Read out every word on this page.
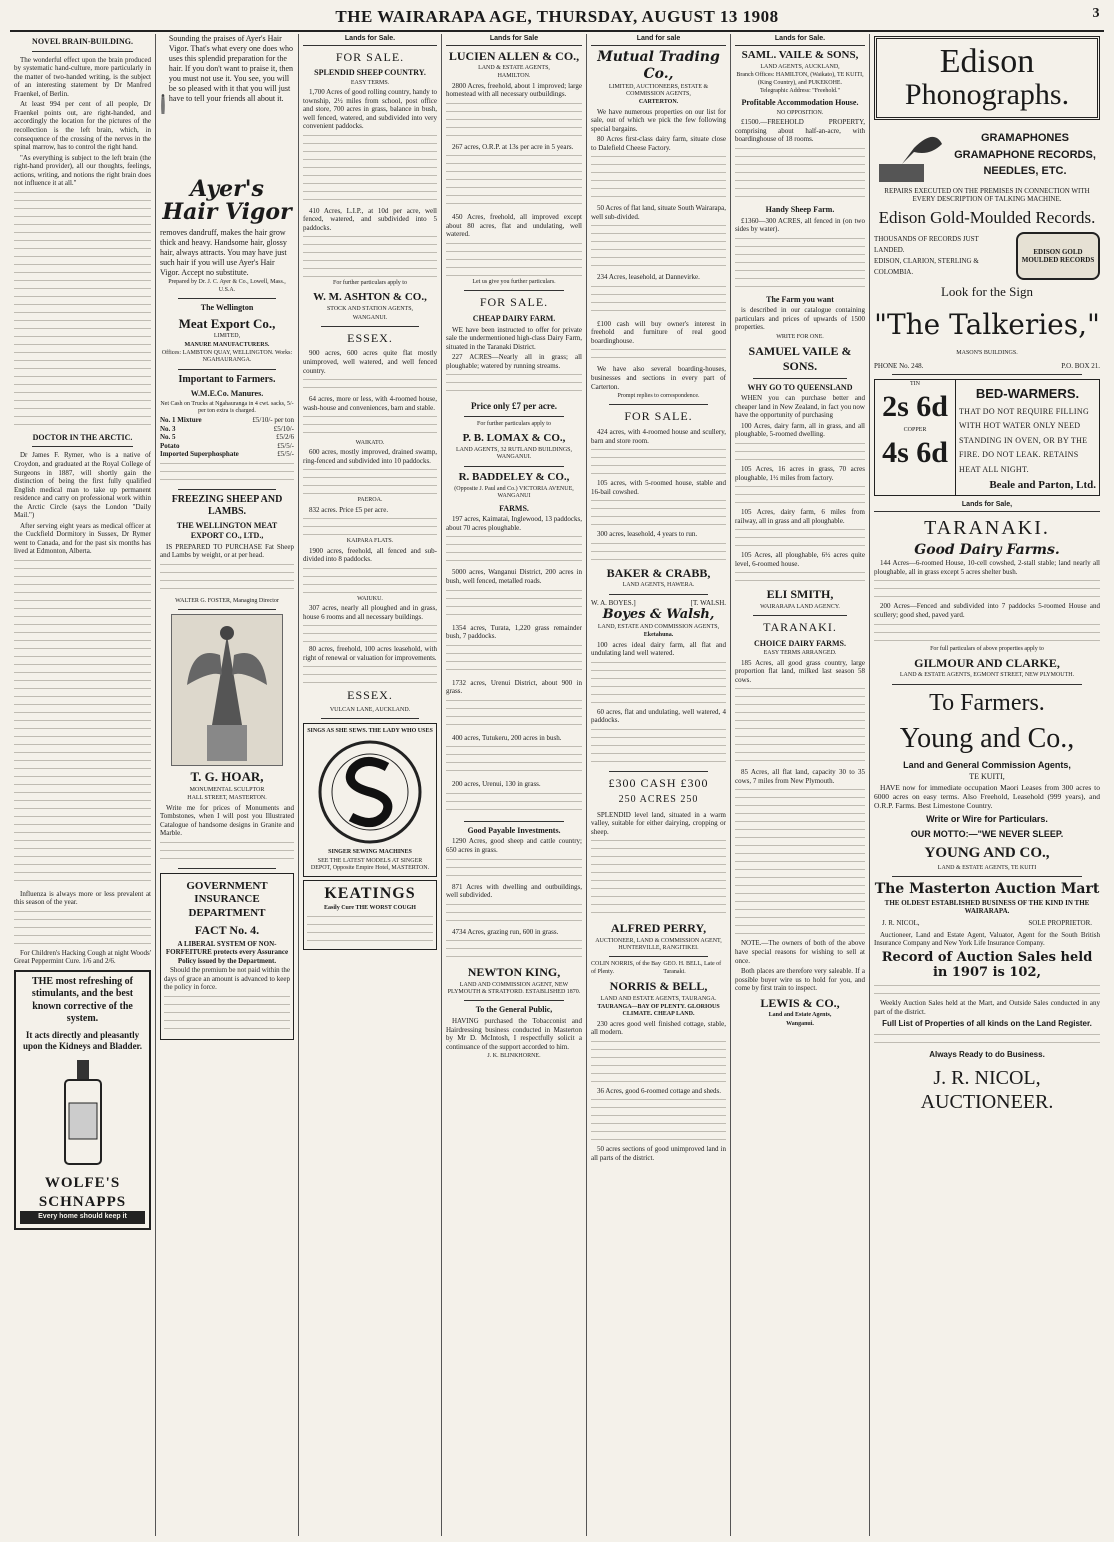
THE WAIRARAPA AGE, THURSDAY, AUGUST 13 1908	3
NOVEL BRAIN-BUILDING.

The wonderful effect upon the brain produced by systematic hand-culture, more particularly in the matter of two-handed writing, is the subject of an interesting statement by Dr Manfred Fraenkel, of Berlin.

At least 994 per cent of all people, Dr Fraenkel points out, are right-handed, and accordingly the location for the pictures of the recollection is the left brain, which, in consequence of the crossing of the nerves in the spinal marrow, has to control the right hand.

"As everything is subject to the left brain (the right-hand provider), all our thoughts, feelings, actions, writing, and notions the right brain does not influence it at all."

DOCTOR IN THE ARCTIC.

Dr James F. Rymer, who is a native of Croydon, and graduated at the Royal College of Surgeons in 1887, will shortly gain the distinction of being the first fully qualified English medical man to take up permanent residence and carry on professional work within the Arctic Circle (says the London "Daily Mail.")

After serving eight years as medical officer at the Cuckfield Dormitory in Sussex, Dr Rymer went to Canada, and for the past six months has lived at Edmonton, Alberta.

Influenza is always more or less prevalent at this season of the year.

For Children's Hacking Cough at night Woods' Great Peppermint Cure. 1/6 and 2/6.

THE most refreshing of stimulants, and the best known corrective of the system.
It acts directly and pleasantly upon the Kidneys and Bladder.
WOLFE'S SCHNAPPS
Every home should keep it
Sounding the praises of Ayer's Hair Vigor. That's what every one does who uses this splendid preparation for the hair. If you don't want to praise it, then you must not use it. You see, you will be so pleased with it that you will just have to tell your friends all about it.
Ayer's Hair Vigor
removes dandruff, makes the hair grow thick and heavy. Handsome hair, glossy hair, always attracts. You may have just such hair if you will use Ayer's Hair Vigor. Accept no substitute.
Prepared by Dr. J. C. Ayer & Co., Lowell, Mass., U.S.A.
The Wellington
Meat Export Co.,
LIMITED,
MANURE MANUFACTURERS.
Offices: LAMBTON QUAY, WELLINGTON. Works: NGAHAURANGA.
Important to Farmers.
W.M.E.Co. Manures.
Net Cash on Trucks at Ngahauranga in 4 cwt. sacks, 5/- per ton extra is charged.
No. 1 Mixture	£5/10/- per ton
No. 3	£5/10/-
No. 5	£5/2/6
Potato	£5/5/-
Imported Superphosphate	£5/5/-
FREEZING SHEEP AND LAMBS.
THE WELLINGTON MEAT EXPORT CO., LTD.,

IS PREPARED TO PURCHASE Fat Sheep and Lambs by weight, or at per head.

WALTER G. FOSTER, Managing Director
T. G. HOAR,
MONUMENTAL SCULPTOR
HALL STREET, MASTERTON.

Write me for prices of Monuments and Tombstones, when I will post you Illustrated Catalogue of handsome designs in Granite and Marble.

GOVERNMENT INSURANCE DEPARTMENT
FACT No. 4.
A LIBERAL SYSTEM OF NON-FORFEITURE protects every Assurance Policy issued by the Department.

Should the premium be not paid within the days of grace an amount is advanced to keep the policy in force.

Lands for Sale.
FOR SALE.
SPLENDID SHEEP COUNTRY.
EASY TERMS.

1,700 Acres of good rolling country, handy to township, 2½ miles from school, post office and store, 700 acres in grass, balance in bush, well fenced, watered, and subdivided into very convenient paddocks.

410 Acres, L.I.P., at 10d per acre, well fenced, watered, and subdivided into 5 paddocks.

For further particulars apply to
W. M. ASHTON & CO.,
STOCK AND STATION AGENTS,
WANGANUI.
ESSEX.

900 acres, 600 acres quite flat mostly unimproved, well watered, and well fenced country.

64 acres, more or less, with 4-roomed house, wash-house and conveniences, barn and stable.

WAIKATO.

600 acres, mostly improved, drained swamp, ring-fenced and subdivided into 10 paddocks.

PAEROA.

832 acres. Price £5 per acre.

KAIPARA FLATS.

1900 acres, freehold, all fenced and sub-divided into 8 paddocks.

WAIUKU.

307 acres, nearly all ploughed and in grass, house 6 rooms and all necessary buildings.

80 acres, freehold, 100 acres leasehold, with right of renewal or valuation for improvements.

ESSEX.
VULCAN LANE, AUCKLAND.
SINGS AS SHE SEWS. THE LADY WHO USES
SINGER SEWING MACHINES
SEE THE LATEST MODELS AT SINGER DEPOT, Opposite Empire Hotel, MASTERTON.
KEATINGS
Easily Cure THE WORST COUGH
Lands for Sale
LUCIEN ALLEN & CO.,
LAND & ESTATE AGENTS,
HAMILTON.

2800 Acres, freehold, about 1 improved; large homestead with all necessary outbuildings.

267 acres, O.R.P. at 13s per acre in 5 years.

450 Acres, freehold, all improved except about 80 acres, flat and undulating, well watered.

Let us give you further particulars.
FOR SALE.
CHEAP DAIRY FARM.

WE have been instructed to offer for private sale the undermentioned high-class Dairy Farm, situated in the Taranaki District.

227 ACRES—Nearly all in grass; all ploughable; watered by running streams.

Price only £7 per acre.
For further particulars apply to
P. B. LOMAX & CO.,
LAND AGENTS, 32 RUTLAND BUILDINGS, WANGANUI.
R. BADDELEY & CO.,
(Opposite J. Paul and Co.) VICTORIA AVENUE, WANGANUI
FARMS.

197 acres, Kaimatai, Inglewood, 13 paddocks, about 70 acres ploughable.

5000 acres, Wanganui District, 200 acres in bush, well fenced, metalled roads.

1354 acres, Turata, 1,220 grass remainder bush, 7 paddocks.

1732 acres, Urenui District, about 900 in grass.

400 acres, Tutukeru, 200 acres in bush.

200 acres, Urenui, 130 in grass.

Good Payable Investments.

1290 Acres, good sheep and cattle country; 650 acres in grass.

871 Acres with dwelling and outbuildings, well subdivided.

4734 Acres, grazing run, 600 in grass.

NEWTON KING,
LAND AND COMMISSION AGENT, NEW PLYMOUTH & STRATFORD. ESTABLISHED 1870.
To the General Public,

HAVING purchased the Tobacconist and Hairdressing business conducted in Masterton by Mr D. McIntosh, I respectfully solicit a continuance of the support accorded to him.

J. K. BLINKHORNE.
Land for sale
Mutual Trading Co.,
LIMITED, AUCTIONEERS, ESTATE & COMMISSION AGENTS,
CARTERTON.

We have numerous properties on our list for sale, out of which we pick the few following special bargains.

80 Acres first-class dairy farm, situate close to Dalefield Cheese Factory.

50 Acres of flat land, situate South Wairarapa, well sub-divided.

234 Acres, leasehold, at Dannevirke.

£100 cash will buy owner's interest in freehold and furniture of real good boardinghouse.

We have also several boarding-houses, businesses and sections in every part of Carterton.

Prompt replies to correspondence.
FOR SALE.

424 acres, with 4-roomed house and scullery, barn and store room.

105 acres, with 5-roomed house, stable and 16-bail cowshed.

300 acres, leasehold, 4 years to run.

BAKER & CRABB,
LAND AGENTS, HAWERA.
W. A. BOYES.]	[T. WALSH.
Boyes & Walsh,
LAND, ESTATE AND COMMISSION AGENTS,
Eketahuna.

100 acres ideal dairy farm, all flat and undulating land well watered.

60 acres, flat and undulating, well watered, 4 paddocks.

£300 CASH £300
250 ACRES 250

SPLENDID level land, situated in a warm valley, suitable for either dairying, cropping or sheep.

ALFRED PERRY,
AUCTIONEER, LAND & COMMISSION AGENT, HUNTERVILLE, RANGITIKEI.
COLIN NORRIS, of the Bay of Plenty.
GEO. H. BELL, Late of Taranaki.
NORRIS & BELL,
LAND AND ESTATE AGENTS, TAURANGA.
TAURANGA—BAY OF PLENTY. GLORIOUS CLIMATE. CHEAP LAND.

230 acres good well finished cottage, stable, all modern.

36 Acres, good 6-roomed cottage and sheds.

50 acres sections of good unimproved land in all parts of the district.

Lands for Sale.
SAML. VAILE & SONS,
LAND AGENTS, AUCKLAND,
Branch Offices: HAMILTON, (Waikato), TE KUITI, (King Country), and PUKEKOHE.
Telegraphic Address: "Freehold."
Profitable Accommodation House.
NO OPPOSITION.

£1500.—FREEHOLD PROPERTY, comprising about half-an-acre, with boardinghouse of 18 rooms.

Handy Sheep Farm.

£1360—300 ACRES, all fenced in (on two sides by water).

The Farm you want

is described in our catalogue containing particulars and prices of upwards of 1500 properties.

WRITE FOR ONE.
SAMUEL VAILE & SONS.
WHY GO TO QUEENSLAND

WHEN you can purchase better and cheaper land in New Zealand, in fact you now have the opportunity of purchasing

100 Acres, dairy farm, all in grass, and all ploughable, 5-roomed dwelling.

105 Acres, 16 acres in grass, 70 acres ploughable, 1½ miles from factory.

105 Acres, dairy farm, 6 miles from railway, all in grass and all ploughable.

105 Acres, all ploughable, 6½ acres quite level, 6-roomed house.

ELI SMITH,
WAIRARAPA LAND AGENCY.
TARANAKI.
CHOICE DAIRY FARMS.
EASY TERMS ARRANGED.

185 Acres, all good grass country, large proportion flat land, milked last season 58 cows.

85 Acres, all flat land, capacity 30 to 35 cows, 7 miles from New Plymouth.

NOTE.—The owners of both of the above have special reasons for wishing to sell at once.

Both places are therefore very saleable. If a possible buyer wire us to hold for you, and come by first train to inspect.

LEWIS & CO.,
Land and Estate Agents,
Wanganui.
Edison
Phonographs.
GRAMAPHONES
GRAMAPHONE RECORDS,
NEEDLES, ETC.
REPAIRS EXECUTED ON THE PREMISES IN CONNECTION WITH EVERY DESCRIPTION OF TALKING MACHINE.
Edison Gold-Moulded Records.
THOUSANDS OF RECORDS JUST LANDED.
EDISON, CLARION, STERLING & COLOMBIA.
EDISON GOLD MOULDED RECORDS
Look for the Sign
"The Talkeries,"
MASON'S BUILDINGS.
PHONE No. 248.	P.O. BOX 21.
TIN
2s 6d
COPPER
4s 6d
BED-WARMERS.
THAT DO NOT REQUIRE FILLING WITH HOT WATER ONLY NEED STANDING IN OVEN, OR BY THE FIRE. DO NOT LEAK. RETAINS HEAT ALL NIGHT.
Beale and Parton, Ltd.
Lands for Sale,
TARANAKI.
Good Dairy Farms.

144 Acres—6-roomed House, 10-cell cowshed, 2-stall stable; land nearly all ploughable, all in grass except 5 acres shelter bush.

200 Acres—Fenced and subdivided into 7 paddocks 5-roomed House and scullery; good shed, paved yard.

For full particulars of above properties apply to
GILMOUR AND CLARKE,
LAND & ESTATE AGENTS, EGMONT STREET, NEW PLYMOUTH.
To Farmers.
Young and Co.,
Land and General Commission Agents,
TE KUITI,

HAVE now for immediate occupation Maori Leases from 300 acres to 6000 acres on easy terms. Also Freehold, Leasehold (999 years), and O.R.P. Farms. Best Limestone Country.

Write or Wire for Particulars.
OUR MOTTO:—"WE NEVER SLEEP.
YOUNG AND CO.,
LAND & ESTATE AGENTS, TE KUITI
The Masterton Auction Mart
THE OLDEST ESTABLISHED BUSINESS OF THE KIND IN THE WAIRARAPA.
J. R. NICOL,	SOLE PROPRIETOR.

Auctioneer, Land and Estate Agent, Valuator, Agent for the South British Insurance Company and New York Life Insurance Company.

Record of Auction Sales held in 1907 is 102,

Weekly Auction Sales held at the Mart, and Outside Sales conducted in any part of the district.

Full List of Properties of all kinds on the Land Register.
Always Ready to do Business.
J. R. NICOL, AUCTIONEER.
